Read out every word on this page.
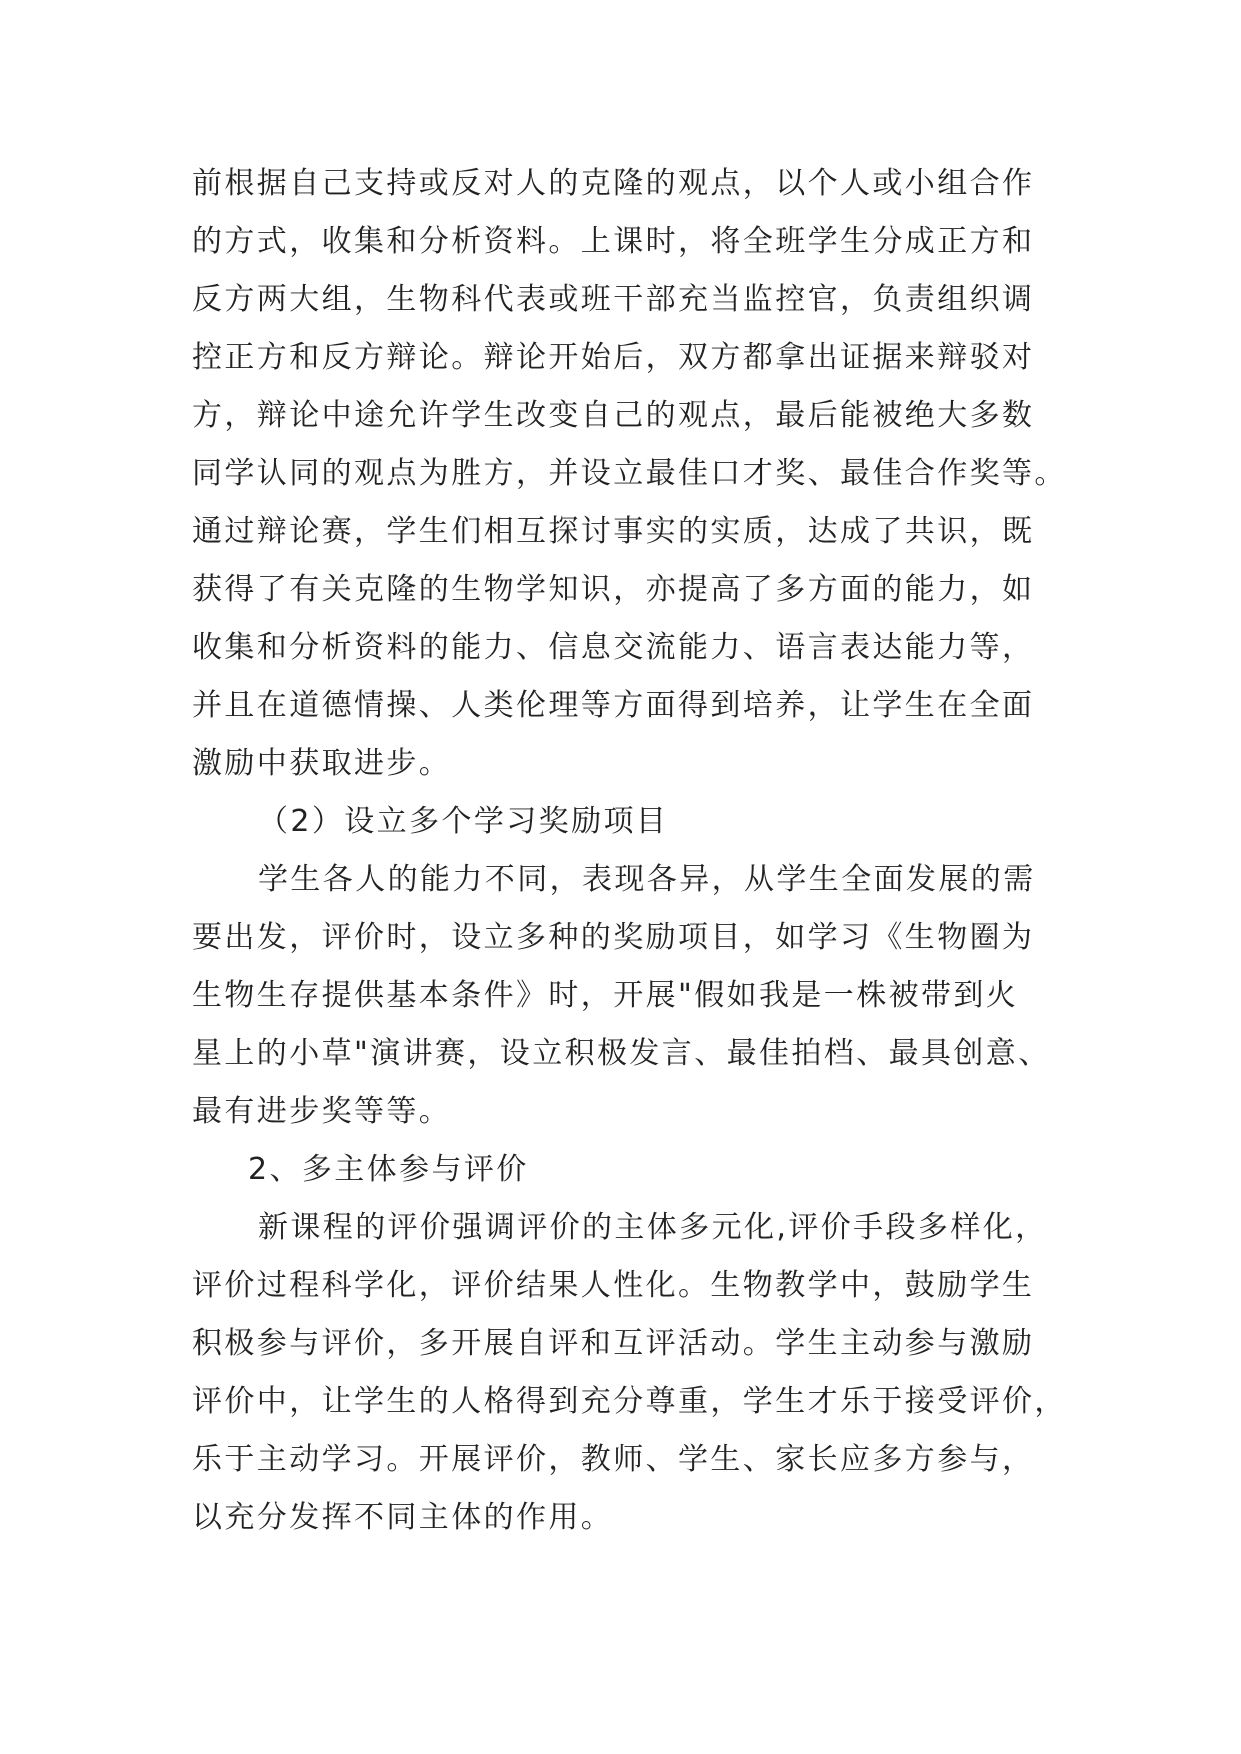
前根据自己支持或反对人的克隆的观点，以个人或小组合作

的方式，收集和分析资料。上课时，将全班学生分成正方和

反方两大组，生物科代表或班干部充当监控官，负责组织调

控正方和反方辩论。辩论开始后，双方都拿出证据来辩驳对

方，辩论中途允许学生改变自己的观点，最后能被绝大多数

同学认同的观点为胜方，并设立最佳口才奖、最佳合作奖等。

通过辩论赛，学生们相互探讨事实的实质，达成了共识，既

获得了有关克隆的生物学知识，亦提高了多方面的能力，如

收集和分析资料的能力、信息交流能力、语言表达能力等，

并且在道德情操、人类伦理等方面得到培养，让学生在全面

激励中获取进步。

（2）设立多个学习奖励项目

学生各人的能力不同，表现各异，从学生全面发展的需

要出发，评价时，设立多种的奖励项目，如学习《生物圈为

生物生存提供基本条件》时，开展"假如我是一株被带到火

星上的小草"演讲赛，设立积极发言、最佳拍档、最具创意、

最有进步奖等等。

2、多主体参与评价

新课程的评价强调评价的主体多元化,评价手段多样化，

评价过程科学化，评价结果人性化。生物教学中，鼓励学生

积极参与评价，多开展自评和互评活动。学生主动参与激励

评价中，让学生的人格得到充分尊重，学生才乐于接受评价，

乐于主动学习。开展评价，教师、学生、家长应多方参与，

以充分发挥不同主体的作用。
